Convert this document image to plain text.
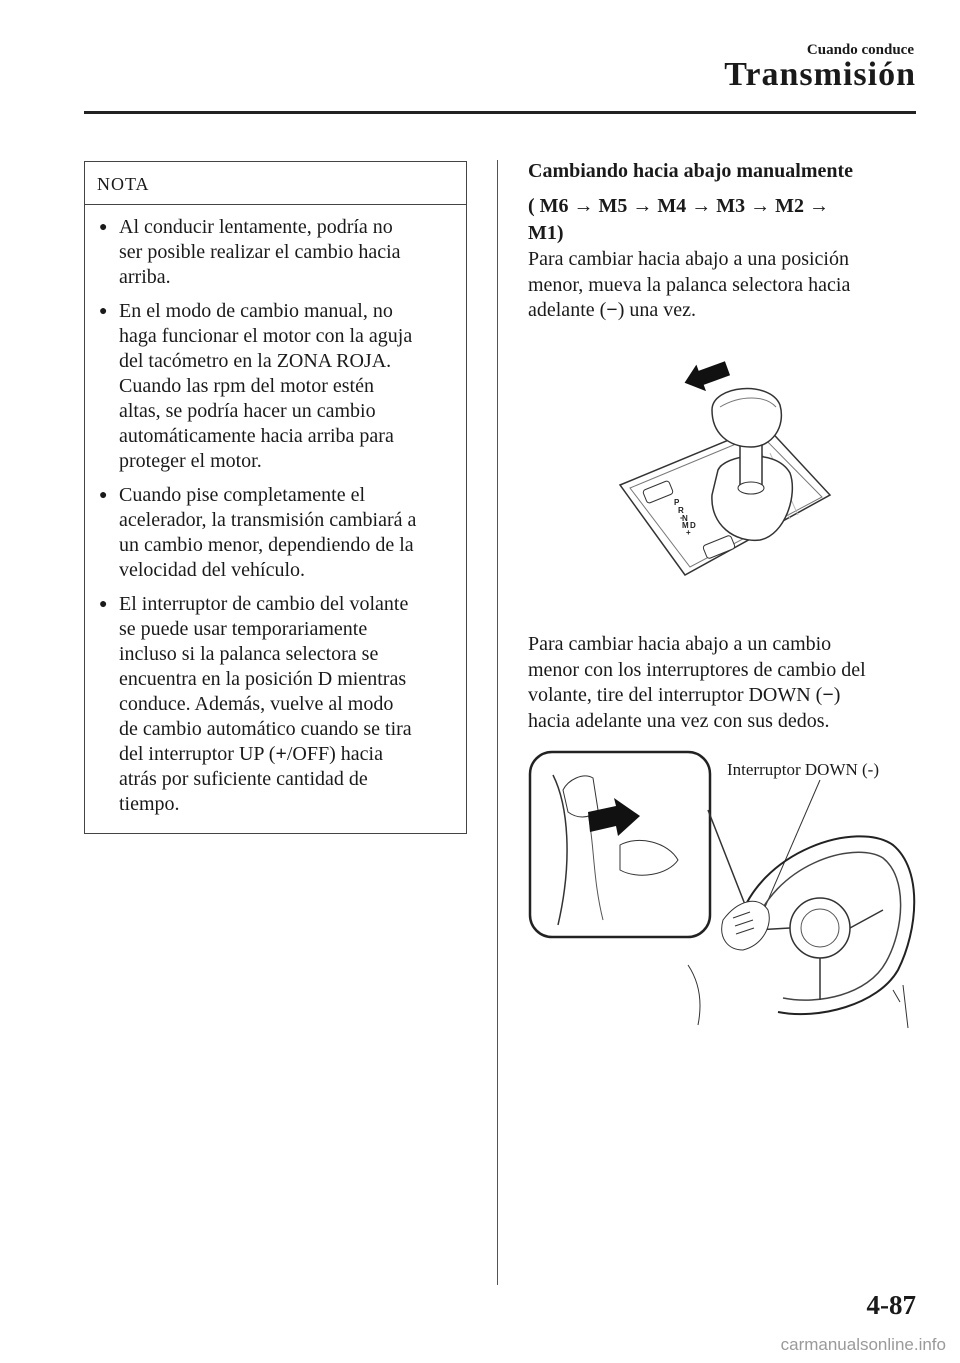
Cuando conduce
Transmisión
NOTA
● Al conducir lentamente, podría no
ser posible realizar el cambio hacia
arriba.
● En el modo de cambio manual, no
haga funcionar el motor con la aguja
del tacómetro en la ZONA ROJA.
Cuando las rpm del motor estén
altas, se podría hacer un cambio
automáticamente hacia arriba para
proteger el motor.
● Cuando pise completamente el
acelerador, la transmisión cambiará a
un cambio menor, dependiendo de la
velocidad del vehículo.
● El interruptor de cambio del volante
se puede usar temporariamente
incluso si la palanca selectora se
encuentra en la posición D mientras
conduce. Además, vuelve al modo
de cambio automático cuando se tira
del interruptor UP (+/OFF) hacia
atrás por suficiente cantidad de
tiempo.
Cambiando hacia abajo manualmente
( M6 → M5 → M4 → M3 → M2 →
M1)

Para cambiar hacia abajo a una posición

menor, mueva la palanca selectora hacia

adelante (−) una vez.

P
R
N
D
M
-
+

Para cambiar hacia abajo a un cambio

menor con los interruptores de cambio del

volante, tire del interruptor DOWN (−)

hacia adelante una vez con sus dedos.

Interruptor DOWN (-)
4-87
carmanualsonline.info
